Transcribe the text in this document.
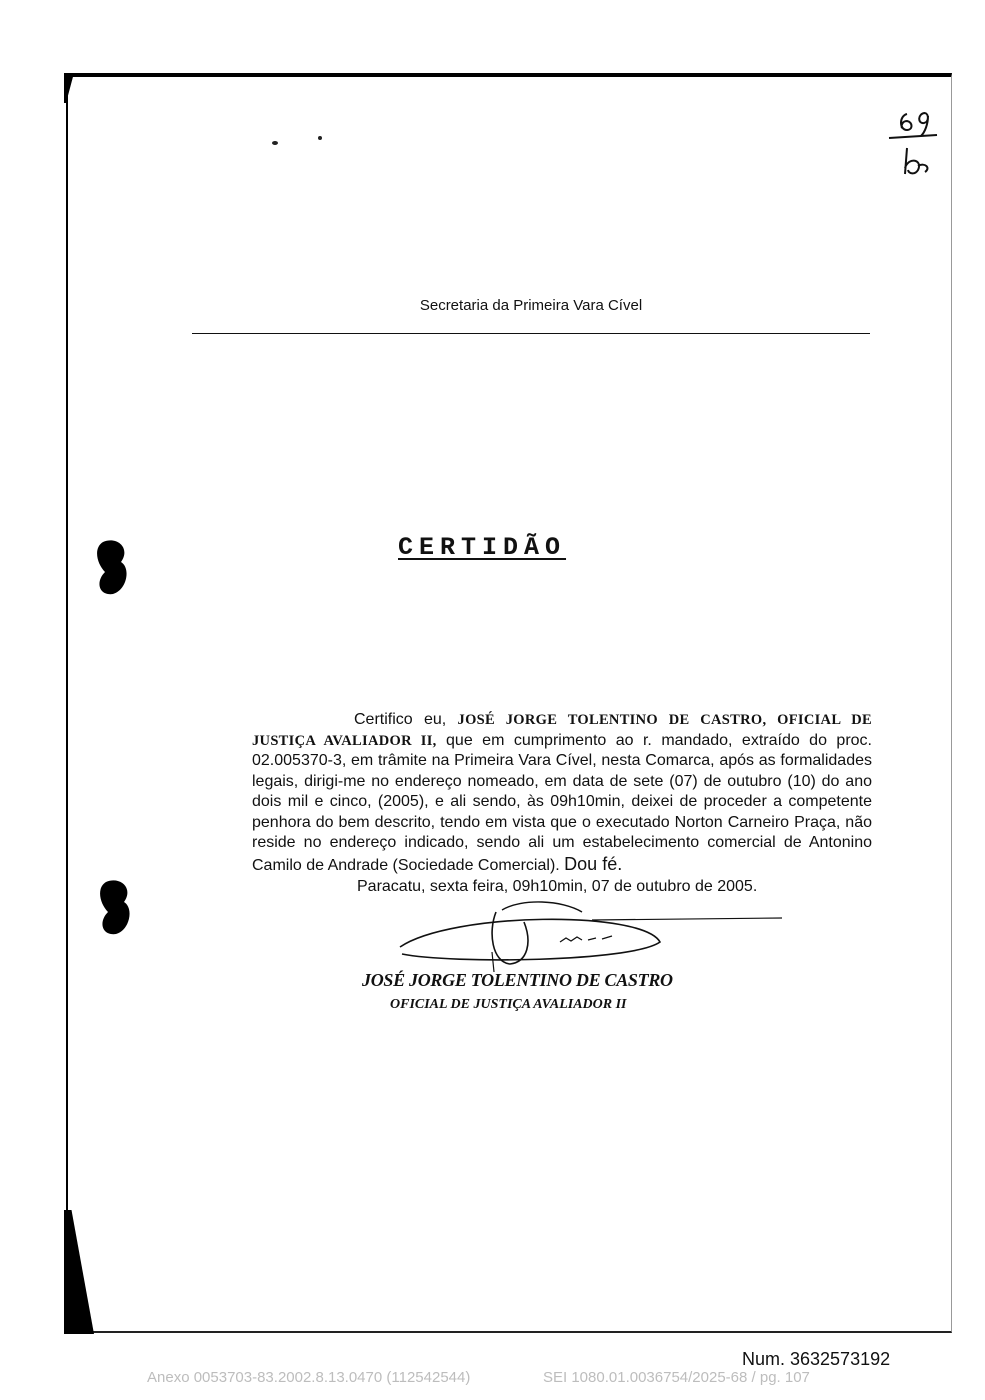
Secretaria da Primeira Vara Cível
CERTIDÃO

Certifico eu, JOSÉ JORGE TOLENTINO DE CASTRO, OFICIAL DE JUSTIÇA AVALIADOR II, que em cumprimento ao r. mandado, extraído do proc. 02.005370-3, em trâmite na Primeira Vara Cível, nesta Comarca, após as formalidades legais, dirigi-me no endereço nomeado, em data de sete (07) de outubro (10) do ano dois mil e cinco, (2005), e ali sendo, às 09h10min, deixei de proceder a competente penhora do bem descrito, tendo em vista que o executado Norton Carneiro Praça, não reside no endereço indicado, sendo ali um estabelecimento comercial de Antonino Camilo de Andrade (Sociedade Comercial). Dou fé.

Paracatu, sexta feira, 09h10min, 07 de outubro de 2005.
JOSÉ JORGE TOLENTINO DE CASTRO
OFICIAL DE JUSTIÇA AVALIADOR II
Num. 3632573192
Anexo 0053703-83.2002.8.13.0470 (112542544)	SEI 1080.01.0036754/2025-68 / pg. 107
